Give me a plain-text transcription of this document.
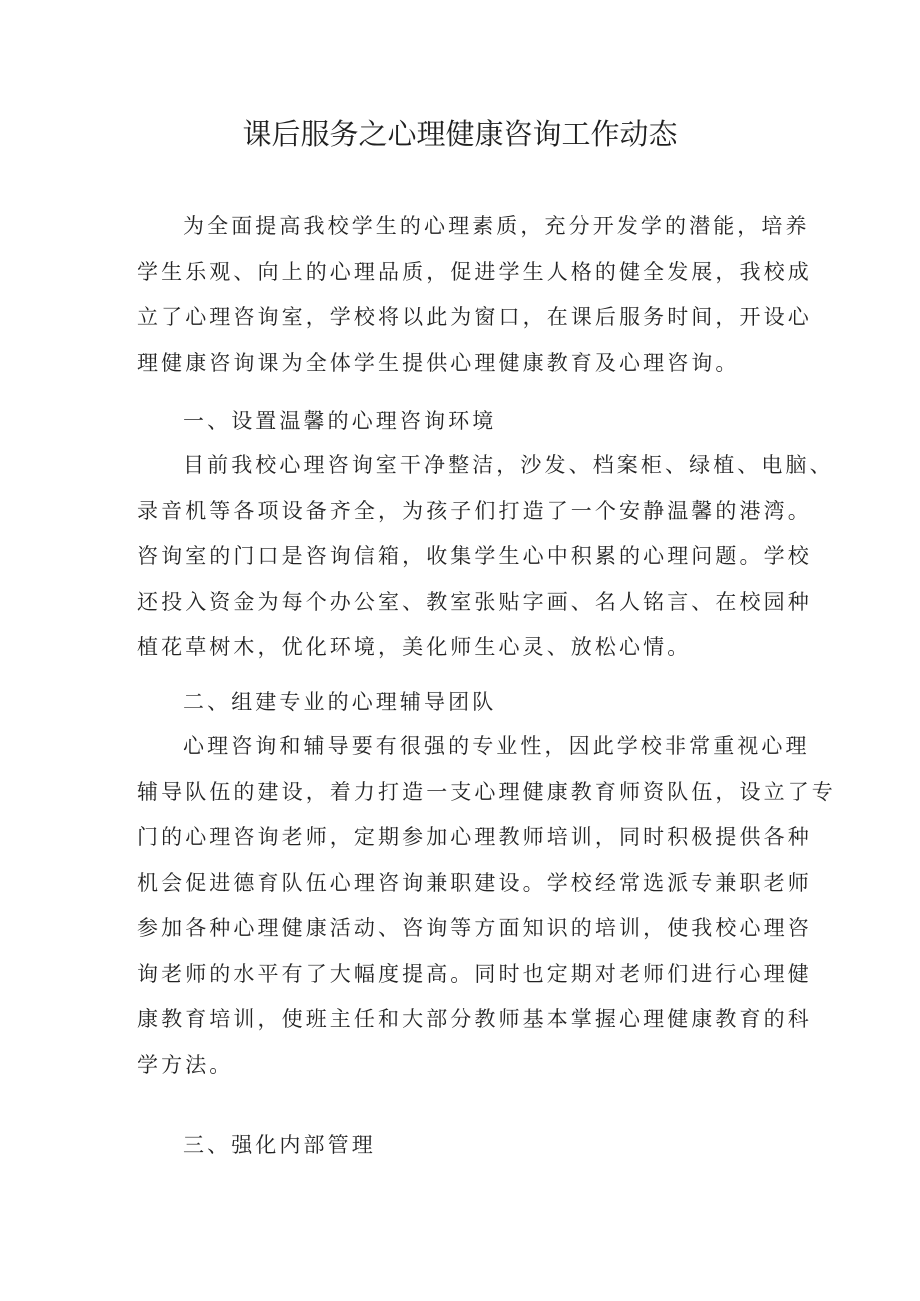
课后服务之心理健康咨询工作动态
为全面提高我校学生的心理素质，充分开发学的潜能，培养
学生乐观、向上的心理品质，促进学生人格的健全发展，我校成
立了心理咨询室，学校将以此为窗口，在课后服务时间，开设心
理健康咨询课为全体学生提供心理健康教育及心理咨询。
一、设置温馨的心理咨询环境
目前我校心理咨询室干净整洁，沙发、档案柜、绿植、电脑、
录音机等各项设备齐全，为孩子们打造了一个安静温馨的港湾。
咨询室的门口是咨询信箱，收集学生心中积累的心理问题。学校
还投入资金为每个办公室、教室张贴字画、名人铭言、在校园种
植花草树木，优化环境，美化师生心灵、放松心情。
二、组建专业的心理辅导团队
心理咨询和辅导要有很强的专业性，因此学校非常重视心理
辅导队伍的建设，着力打造一支心理健康教育师资队伍，设立了专
门的心理咨询老师，定期参加心理教师培训，同时积极提供各种
机会促进德育队伍心理咨询兼职建设。学校经常选派专兼职老师
参加各种心理健康活动、咨询等方面知识的培训，使我校心理咨
询老师的水平有了大幅度提高。同时也定期对老师们进行心理健
康教育培训，使班主任和大部分教师基本掌握心理健康教育的科
学方法。
三、强化内部管理
